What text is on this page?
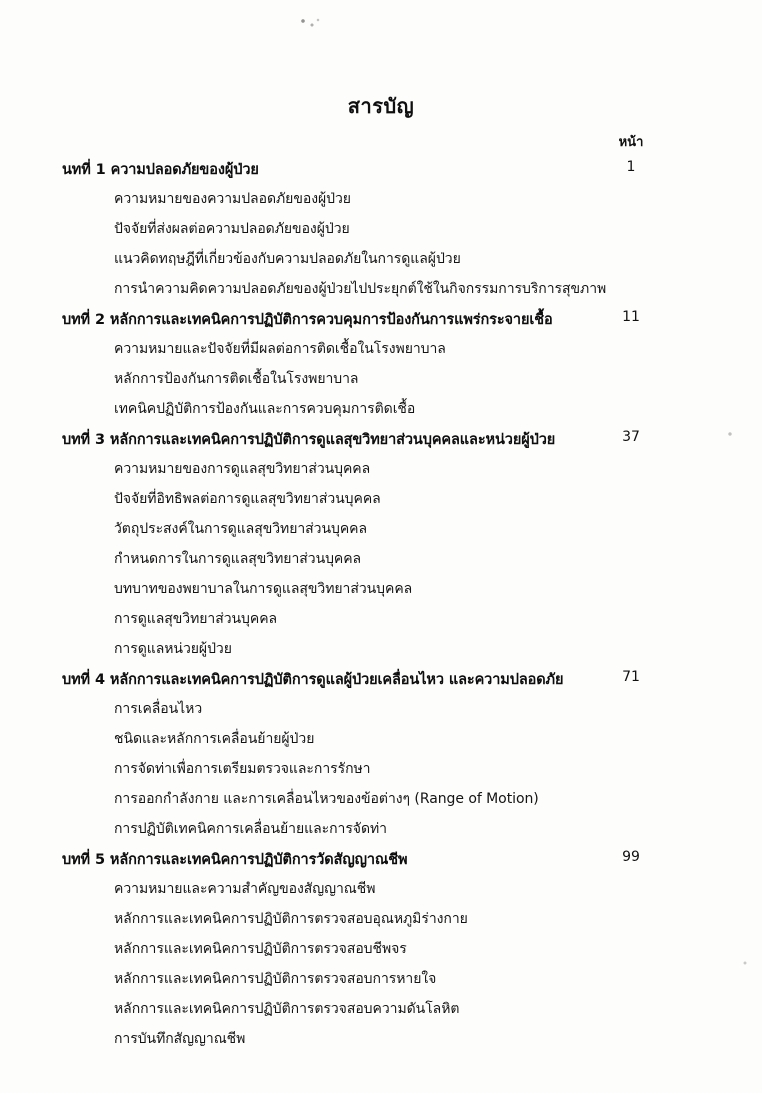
สารบัญ
หน้า
นทที่ 1 ความปลอดภัยของผู้ป่วย	1
ความหมายของความปลอดภัยของผู้ป่วย
ปัจจัยที่ส่งผลต่อความปลอดภัยของผู้ป่วย
แนวคิดทฤษฎีที่เกี่ยวข้องกับความปลอดภัยในการดูแลผู้ป่วย
การนำความคิดความปลอดภัยของผู้ป่วยไปประยุกต์ใช้ในกิจกรรมการบริการสุขภาพ
บทที่ 2 หลักการและเทคนิคการปฏิบัติการควบคุมการป้องกันการแพร่กระจายเชื้อ	11
ความหมายและปัจจัยที่มีผลต่อการติดเชื้อในโรงพยาบาล
หลักการป้องกันการติดเชื้อในโรงพยาบาล
เทคนิคปฏิบัติการป้องกันและการควบคุมการติดเชื้อ
บทที่ 3 หลักการและเทคนิคการปฏิบัติการดูแลสุขวิทยาส่วนบุคคลและหน่วยผู้ป่วย	37
ความหมายของการดูแลสุขวิทยาส่วนบุคคล
ปัจจัยที่อิทธิพลต่อการดูแลสุขวิทยาส่วนบุคคล
วัตถุประสงค์ในการดูแลสุขวิทยาส่วนบุคคล
กำหนดการในการดูแลสุขวิทยาส่วนบุคคล
บทบาทของพยาบาลในการดูแลสุขวิทยาส่วนบุคคล
การดูแลสุขวิทยาส่วนบุคคล
การดูแลหน่วยผู้ป่วย
บทที่ 4 หลักการและเทคนิคการปฏิบัติการดูแลผู้ป่วยเคลื่อนไหว และความปลอดภัย	71
การเคลื่อนไหว
ชนิดและหลักการเคลื่อนย้ายผู้ป่วย
การจัดท่าเพื่อการเตรียมตรวจและการรักษา
การออกกำลังกาย และการเคลื่อนไหวของข้อต่างๆ (Range of Motion)
การปฏิบัติเทคนิคการเคลื่อนย้ายและการจัดท่า
บทที่ 5 หลักการและเทคนิคการปฏิบัติการวัดสัญญาณชีพ	99
ความหมายและความสำคัญของสัญญาณชีพ
หลักการและเทคนิคการปฏิบัติการตรวจสอบอุณหภูมิร่างกาย
หลักการและเทคนิคการปฏิบัติการตรวจสอบชีพจร
หลักการและเทคนิคการปฏิบัติการตรวจสอบการหายใจ
หลักการและเทคนิคการปฏิบัติการตรวจสอบความดันโลหิต
การบันทึกสัญญาณชีพ
